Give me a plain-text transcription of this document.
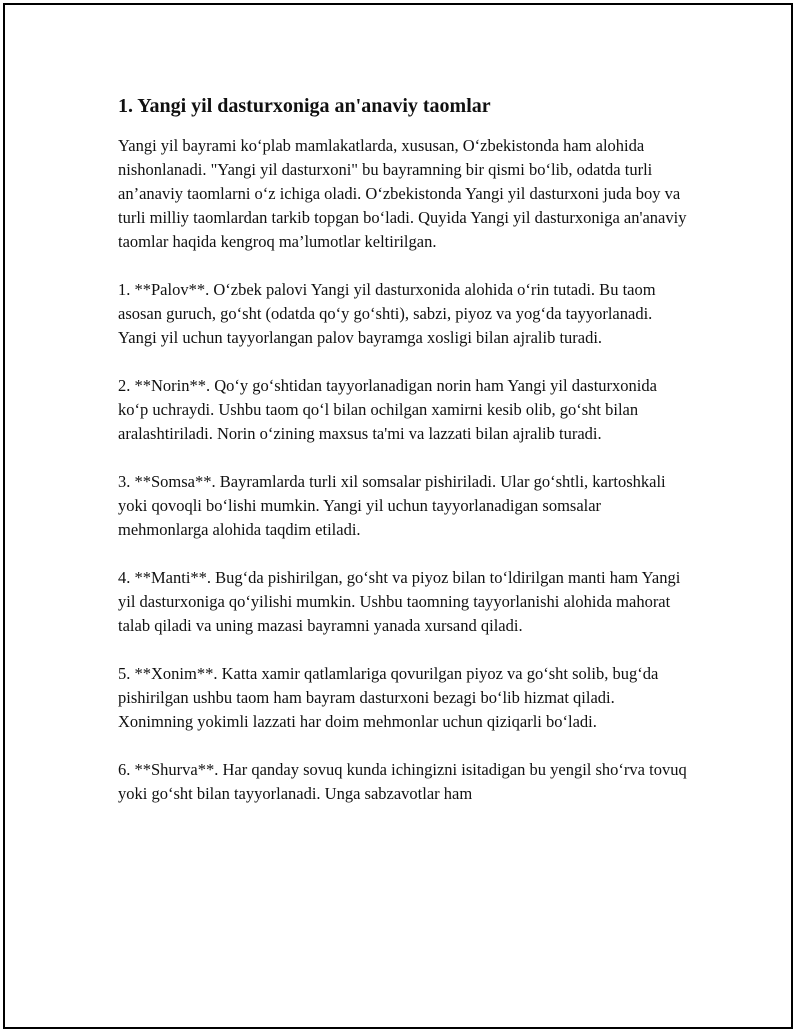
1. Yangi yil dasturxoniga an'anaviy taomlar

Yangi yil bayrami ko‘plab mamlakatlarda, xususan, O‘zbekistonda ham alohida nishonlanadi. "Yangi yil dasturxoni" bu bayramning bir qismi bo‘lib, odatda turli an’anaviy taomlarni o‘z ichiga oladi. O‘zbekistonda Yangi yil dasturxoni juda boy va turli milliy taomlardan tarkib topgan bo‘ladi. Quyida Yangi yil dasturxoniga an'anaviy taomlar haqida kengroq ma’lumotlar keltirilgan.

1. **Palov**. O‘zbek palovi Yangi yil dasturxonida alohida o‘rin tutadi. Bu taom asosan guruch, go‘sht (odatda qo‘y go‘shti), sabzi, piyoz va yog‘da tayyorlanadi. Yangi yil uchun tayyorlangan palov bayramga xosligi bilan ajralib turadi.

2. **Norin**. Qo‘y go‘shtidan tayyorlanadigan norin ham Yangi yil dasturxonida ko‘p uchraydi. Ushbu taom qo‘l bilan ochilgan xamirni kesib olib, go‘sht bilan aralashtiriladi. Norin o‘zining maxsus ta'mi va lazzati bilan ajralib turadi.

3. **Somsa**. Bayramlarda turli xil somsalar pishiriladi. Ular go‘shtli, kartoshkali yoki qovoqli bo‘lishi mumkin. Yangi yil uchun tayyorlanadigan somsalar mehmonlarga alohida taqdim etiladi.

4. **Manti**. Bug‘da pishirilgan, go‘sht va piyoz bilan to‘ldirilgan manti ham Yangi yil dasturxoniga qo‘yilishi mumkin. Ushbu taomning tayyorlanishi alohida mahorat talab qiladi va uning mazasi bayramni yanada xursand qiladi.

5. **Xonim**. Katta xamir qatlamlariga qovurilgan piyoz va go‘sht solib, bug‘da pishirilgan ushbu taom ham bayram dasturxoni bezagi bo‘lib hizmat qiladi. Xonimning yokimli lazzati har doim mehmonlar uchun qiziqarli bo‘ladi.

6. **Shurva**. Har qanday sovuq kunda ichingizni isitadigan bu yengil sho‘rva tovuq yoki go‘sht bilan tayyorlanadi. Unga sabzavotlar ham
